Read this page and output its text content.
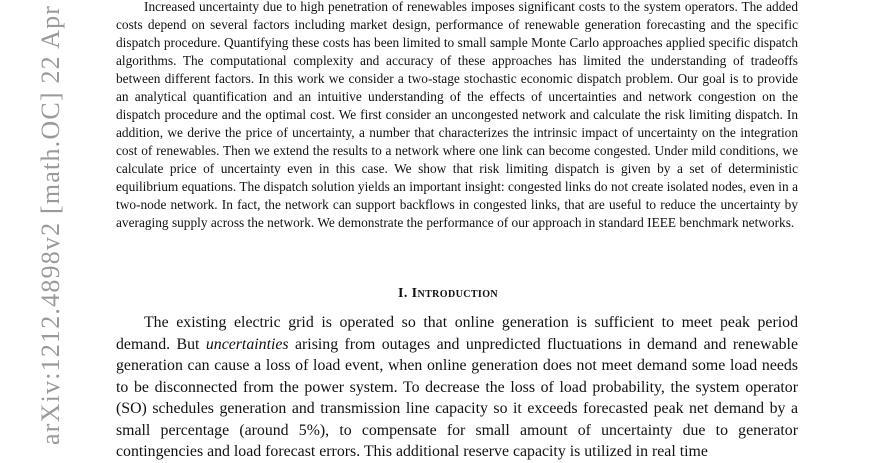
arXiv:1212.4898v2 [math.OC] 22 Apr	Increased uncertainty due to high penetration of renewables imposes significant costs to the system operators. The added costs depend on several factors including market design, performance of renewable generation forecasting and the specific dispatch procedure. Quantifying these costs has been limited to small sample Monte Carlo approaches applied specific dispatch algorithms. The computational complexity and accuracy of these approaches has limited the understanding of tradeoffs between different factors. In this work we consider a two-stage stochastic economic dispatch problem. Our goal is to provide an analytical quantification and an intuitive understanding of the effects of uncertainties and network congestion on the dispatch procedure and the optimal cost. We first consider an uncongested network and calculate the risk limiting dispatch. In addition, we derive the price of uncertainty, a number that characterizes the intrinsic impact of uncertainty on the integration cost of renewables. Then we extend the results to a network where one link can become congested. Under mild conditions, we calculate price of uncertainty even in this case. We show that risk limiting dispatch is given by a set of deterministic equilibrium equations. The dispatch solution yields an important insight: congested links do not create isolated nodes, even in a two-node network. In fact, the network can support backflows in congested links, that are useful to reduce the uncertainty by averaging supply across the network. We demonstrate the performance of our approach in standard IEEE benchmark networks.

I. Introduction

The existing electric grid is operated so that online generation is sufficient to meet peak period demand. But uncertainties arising from outages and unpredicted fluctuations in demand and renewable generation can cause a loss of load event, when online generation does not meet demand some load needs to be disconnected from the power system. To decrease the loss of load probability, the system operator (SO) schedules generation and transmission line capacity so it exceeds forecasted peak net demand by a small percentage (around 5%), to compensate for small amount of uncertainty due to generator contingencies and load forecast errors. This additional reserve capacity is utilized in real time
